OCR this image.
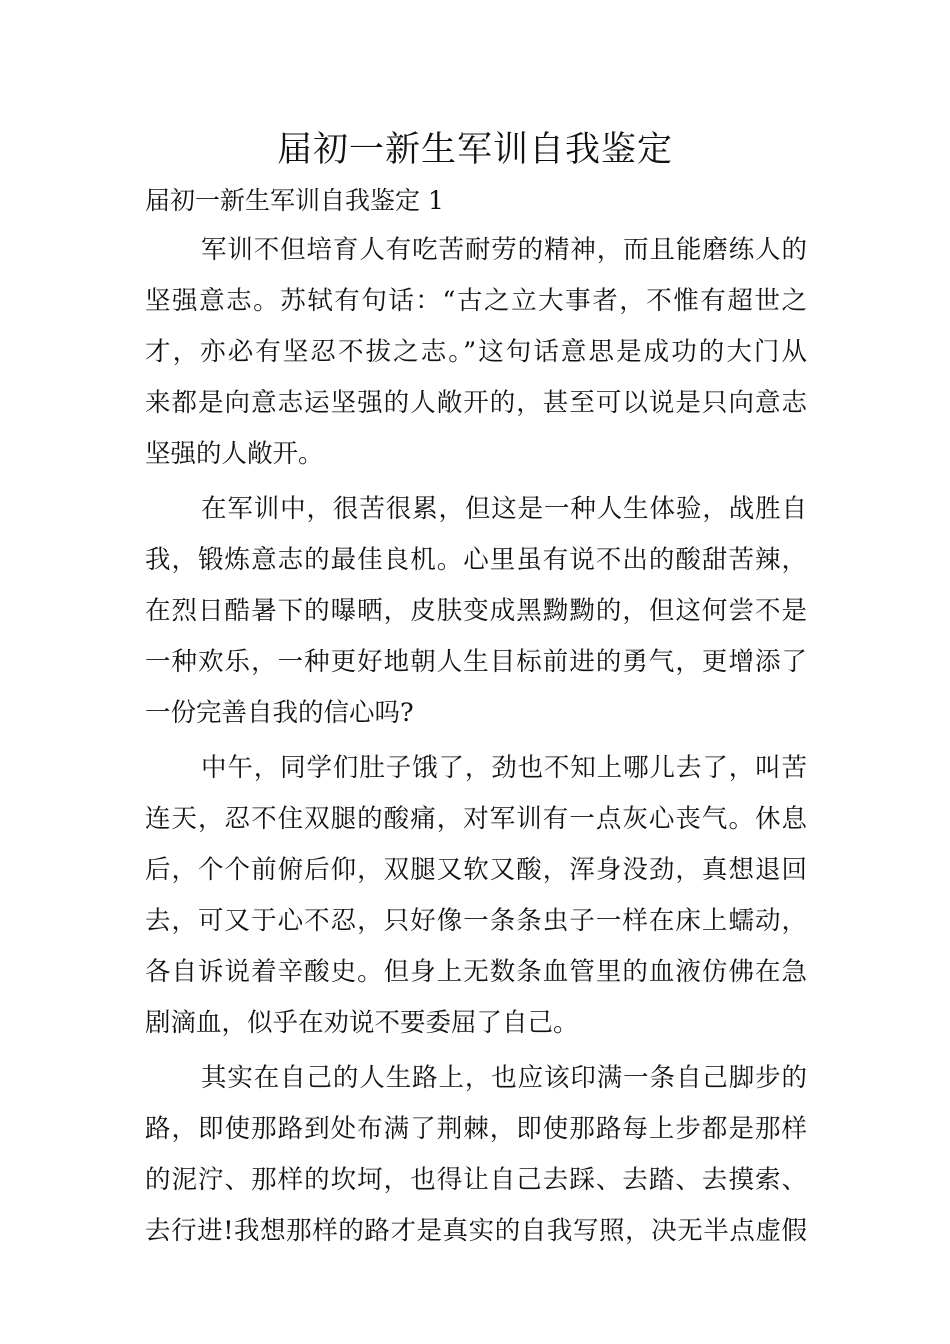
届初一新生军训自我鉴定
届初一新生军训自我鉴定 1
军训不但培育人有吃苦耐劳的精神，而且能磨练人的
坚强意志。苏轼有句话：“古之立大事者，不惟有超世之
才，亦必有坚忍不拔之志。”这句话意思是成功的大门从
来都是向意志运坚强的人敞开的，甚至可以说是只向意志
坚强的人敞开。
在军训中，很苦很累，但这是一种人生体验，战胜自
我，锻炼意志的最佳良机。心里虽有说不出的酸甜苦辣，
在烈日酷暑下的曝晒，皮肤变成黑黝黝的，但这何尝不是
一种欢乐，一种更好地朝人生目标前进的勇气，更增添了
一份完善自我的信心吗?
中午，同学们肚子饿了，劲也不知上哪儿去了，叫苦
连天，忍不住双腿的酸痛，对军训有一点灰心丧气。休息
后，个个前俯后仰，双腿又软又酸，浑身没劲，真想退回
去，可又于心不忍，只好像一条条虫子一样在床上蠕动，
各自诉说着辛酸史。但身上无数条血管里的血液仿佛在急
剧滴血，似乎在劝说不要委屈了自己。
其实在自己的人生路上，也应该印满一条自己脚步的
路，即使那路到处布满了荆棘，即使那路每上步都是那样
的泥泞、那样的坎坷，也得让自己去踩、去踏、去摸索、
去行进!我想那样的路才是真实的自我写照，决无半点虚假
